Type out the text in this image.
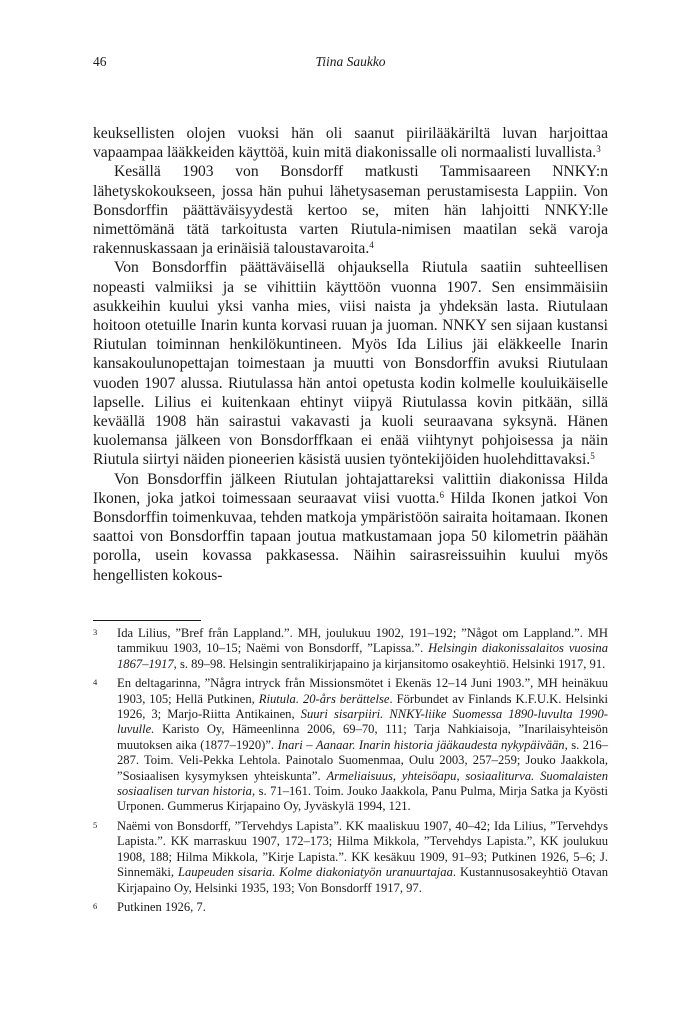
46	Tiina Saukko

keuksellisten olojen vuoksi hän oli saanut piirilääkäriltä luvan harjoittaa vapaampaa lääkkeiden käyttöä, kuin mitä diakonissalle oli normaalisti luvallista.$^3$

Kesällä 1903 von Bonsdorff matkusti Tammisaareen NNKY:n lähetyskokoukseen, jossa hän puhui lähetysaseman perustamisesta Lappiin. Von Bonsdorffin päättäväisyydestä kertoo se, miten hän lahjoitti NNKY:lle nimettömänä tätä tarkoitusta varten Riutula-nimisen maatilan sekä varoja rakennuskassaan ja erinäisiä taloustavaroita.$^4$

Von Bonsdorffin päättäväisellä ohjauksella Riutula saatiin suhteellisen nopeasti valmiiksi ja se vihittiin käyttöön vuonna 1907. Sen ensimmäisiin asukkeihin kuului yksi vanha mies, viisi naista ja yhdeksän lasta. Riutulaan hoitoon otetuille Inarin kunta korvasi ruuan ja juoman. NNKY sen sijaan kustansi Riutulan toiminnan henkilökuntineen. Myös Ida Lilius jäi eläkkeelle Inarin kansakoulunopettajan toimestaan ja muutti von Bonsdorffin avuksi Riutulaan vuoden 1907 alussa. Riutulassa hän antoi opetusta kodin kolmelle kouluikäiselle lapselle. Lilius ei kuitenkaan ehtinyt viipyä Riutulassa kovin pitkään, sillä keväällä 1908 hän sairastui vakavasti ja kuoli seuraavana syksynä. Hänen kuolemansa jälkeen von Bonsdorffkaan ei enää viihtynyt pohjoisessa ja näin Riutula siirtyi näiden pioneerien käsistä uusien työntekijöiden huolehdittavaksi.$^5$

Von Bonsdorffin jälkeen Riutulan johtajattareksi valittiin diakonissa Hilda Ikonen, joka jatkoi toimessaan seuraavat viisi vuotta.$^6$ Hilda Ikonen jatkoi Von Bonsdorffin toimenkuvaa, tehden matkoja ympäristöön sairaita hoitamaan. Ikonen saattoi von Bonsdorffin tapaan joutua matkustamaan jopa 50 kilometrin päähän porolla, usein kovassa pakkasessa. Näihin sairasreissuihin kuului myös hengellisten kokous-

3 Ida Lilius, ”Bref från Lappland.”. MH, joulukuu 1902, 191–192; ”Något om Lappland.”. MH tammikuu 1903, 10–15; Naëmi von Bonsdorff, ”Lapissa.”. Helsingin diakonissalaitos vuosina 1867–1917, s. 89–98. Helsingin sentralikirjapaino ja kirjansitomo osakeyhtiö. Helsinki 1917, 91.
4 En deltagarinna, ”Några intryck från Missionsmötet i Ekenäs 12–14 Juni 1903.”, MH heinäkuu 1903, 105; Hellä Putkinen, Riutula. 20-års berättelse. Förbundet av Finlands K.F.U.K. Helsinki 1926, 3; Marjo-Riitta Antikainen, Suuri sisarpiiri. NNKY-liike Suomessa 1890-luvulta 1990-luvulle. Karisto Oy, Hämeenlinna 2006, 69–70, 111; Tarja Nahkiaisoja, ”Inarilaisyhteisön muutoksen aika (1877–1920)”. Inari – Aanaar. Inarin historia jääkaudesta nykypäivään, s. 216–287. Toim. Veli-Pekka Lehtola. Painotalo Suomenmaa, Oulu 2003, 257–259; Jouko Jaakkola, ”Sosiaalisen kysymyksen yhteiskunta”. Armeliaisuus, yhteisöapu, sosiaaliturva. Suomalaisten sosiaalisen turvan historia, s. 71–161. Toim. Jouko Jaakkola, Panu Pulma, Mirja Satka ja Kyösti Urponen. Gummerus Kirjapaino Oy, Jyväskylä 1994, 121.
5 Naëmi von Bonsdorff, ”Tervehdys Lapista”. KK maaliskuu 1907, 40–42; Ida Lilius, ”Tervehdys Lapista.”. KK marraskuu 1907, 172–173; Hilma Mikkola, ”Tervehdys Lapista.”, KK joulukuu 1908, 188; Hilma Mikkola, ”Kirje Lapista.”. KK kesäkuu 1909, 91–93; Putkinen 1926, 5–6; J. Sinnemäki, Laupeuden sisaria. Kolme diakoniatyön uranuurtajaa. Kustannusosakeyhtiö Otavan Kirjapaino Oy, Helsinki 1935, 193; Von Bonsdorff 1917, 97.
6 Putkinen 1926, 7.
